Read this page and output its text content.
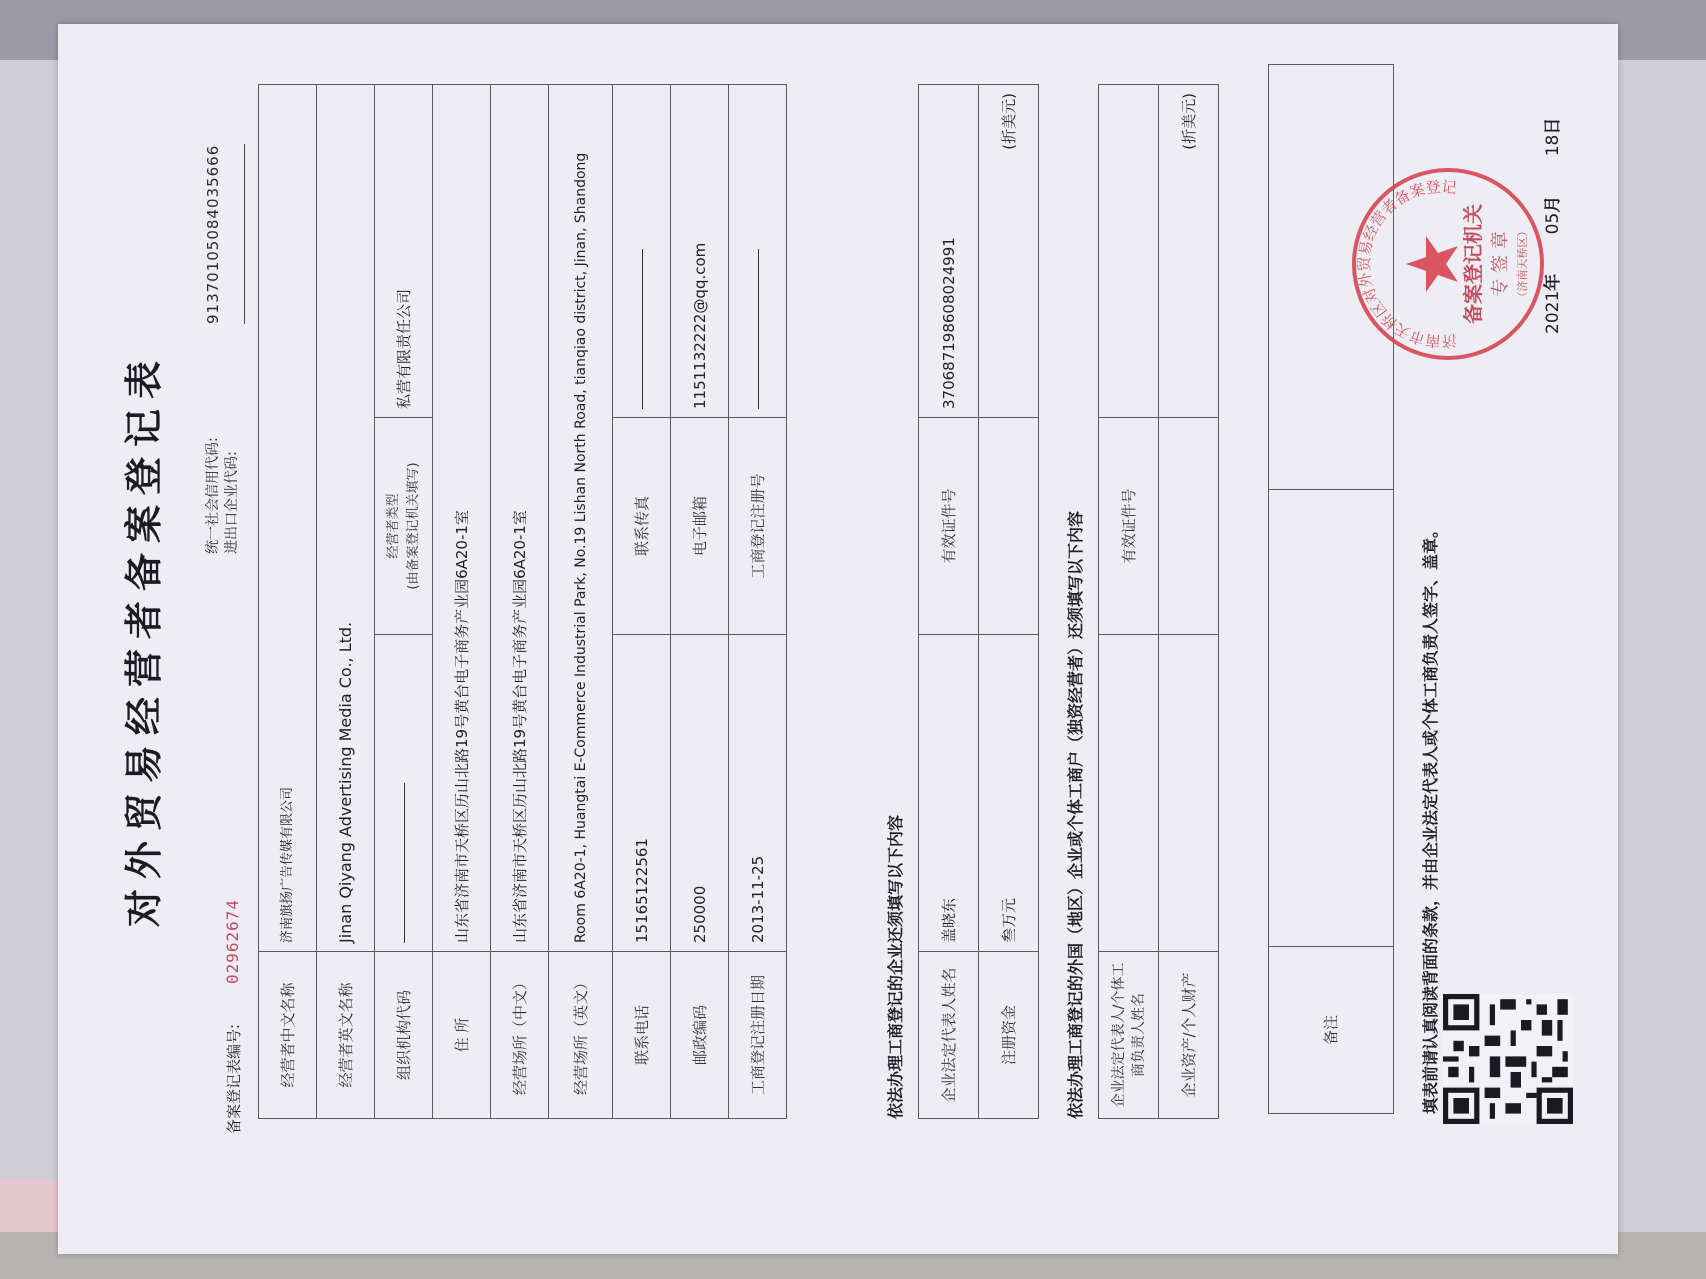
对外贸易经营者备案登记表
备案登记表编号:
02962674
统一社会信用代码: 进出口企业代码:
91370105084035666
经营者中文名称	济南旗扬广告传媒有限公司		
经营者英文名称	Jinan Qiyang Advertising Media Co., Ltd.		
组织机构代码		经营者类型 (由备案登记机关填写)	私营有限责任公司
住 所	山东省济南市天桥区历山北路19号黄台电子商务产业园6A20-1室		
经营场所（中文）	山东省济南市天桥区历山北路19号黄台电子商务产业园6A20-1室		
经营场所（英文）	Room 6A20-1, Huangtai E-Commerce Industrial Park, No.19 Lishan North Road, tianqiao district, Jinan, Shandong		
联系电话	15165122561	联系传真	
邮政编码	250000	电子邮箱	1151132222@qq.com
工商登记注册日期	2013-11-25	工商登记注册号	
依法办理工商登记的企业还须填写以下内容 企业法定代表人姓名	盖晓东	有效证件号	370687198608024991
注册资金	叁万元		(折美元)
依法办理工商登记的外国（地区）企业或个体工商户（独资经营者）还须填写以下内容 企业法定代表人/个体工商负责人姓名		有效证件号	
企业资产/个人财产			(折美元)
备注			填表前请认真阅读背面的条款，并由企业法定代表人或个体工商负责人签字、盖章。
2021年 05月 18日
济南市天桥区对外贸易经营者备案登记
备案登记机关 专 签 章 （济南天桥区）
